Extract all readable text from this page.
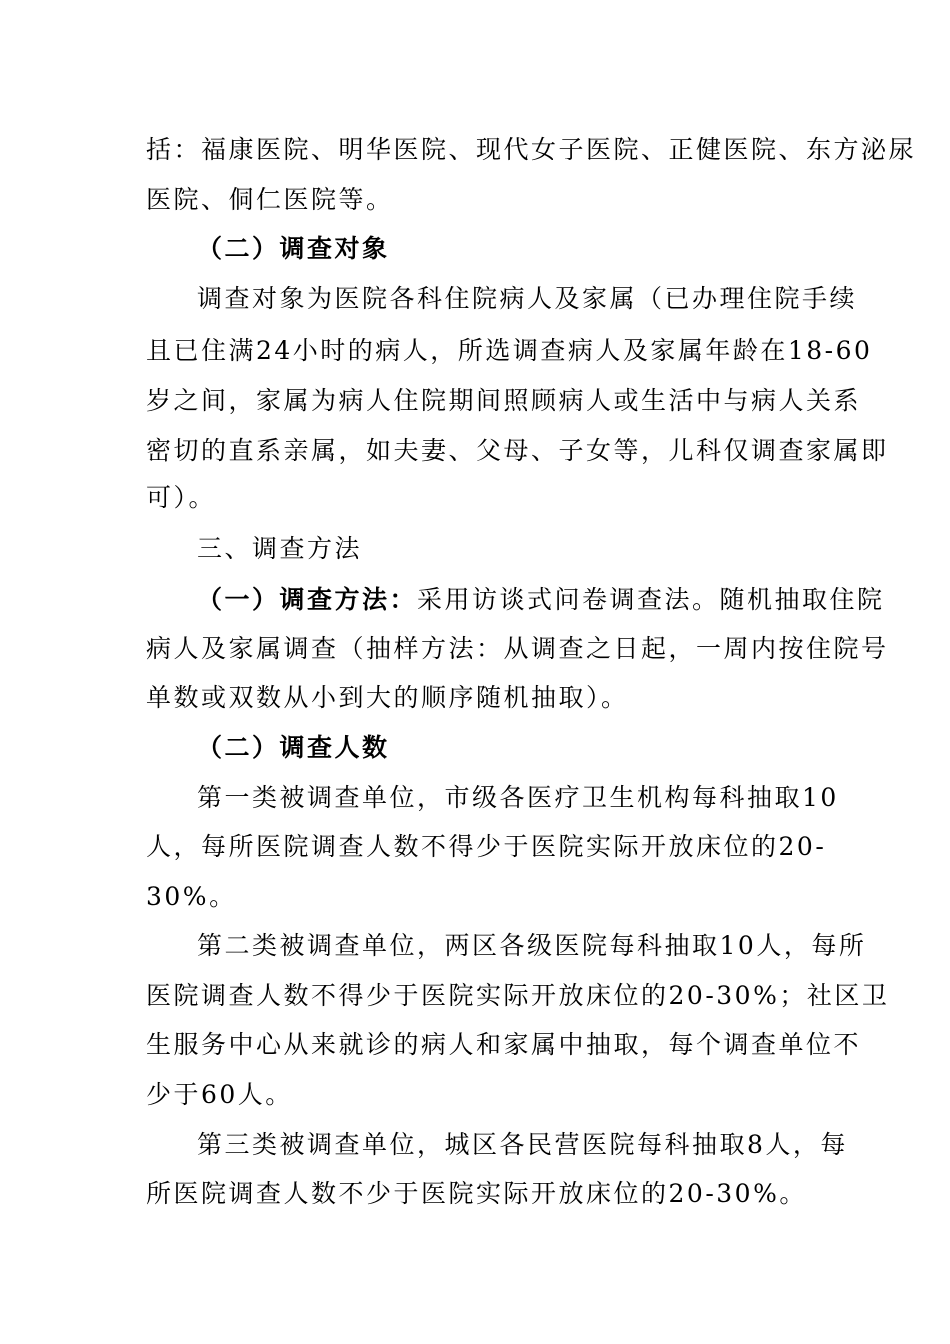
括：福康医院、明华医院、现代女子医院、正健医院、东方泌尿
医院、侗仁医院等。
（二）调查对象
调查对象为医院各科住院病人及家属（已办理住院手续
且已住满24小时的病人，所选调查病人及家属年龄在18-60
岁之间，家属为病人住院期间照顾病人或生活中与病人关系
密切的直系亲属，如夫妻、父母、子女等，儿科仅调查家属即
可）。
三、调查方法
（一）调查方法：采用访谈式问卷调查法。随机抽取住院
病人及家属调查（抽样方法：从调查之日起，一周内按住院号
单数或双数从小到大的顺序随机抽取）。
（二）调查人数
第一类被调查单位，市级各医疗卫生机构每科抽取10
人，每所医院调查人数不得少于医院实际开放床位的20-
30%。
第二类被调查单位，两区各级医院每科抽取10人，每所
医院调查人数不得少于医院实际开放床位的20-30%；社区卫
生服务中心从来就诊的病人和家属中抽取，每个调查单位不
少于60人。
第三类被调查单位，城区各民营医院每科抽取8人，每
所医院调查人数不少于医院实际开放床位的20-30%。
